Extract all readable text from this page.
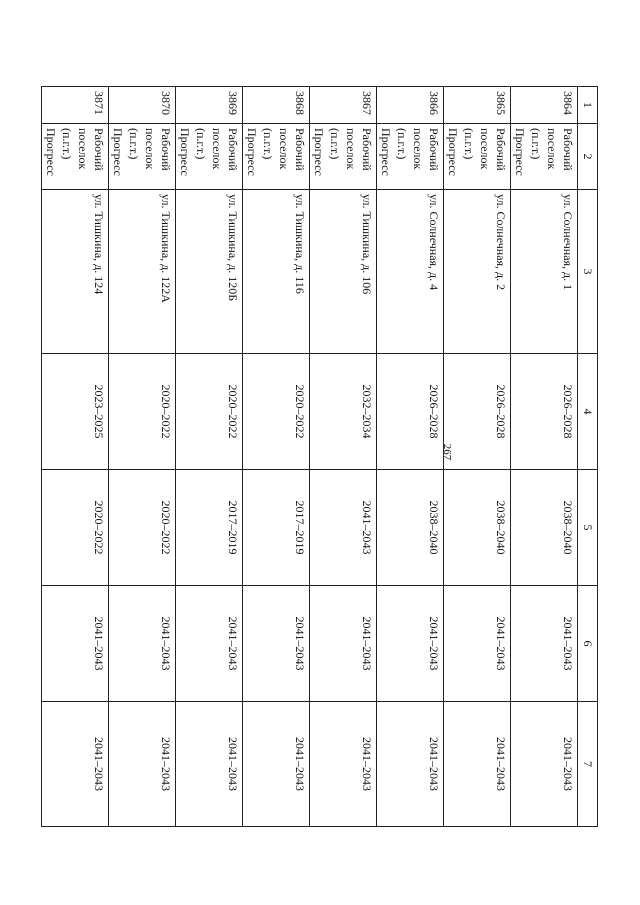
267
1	2	3	4	5	6	7
3864	Рабочий поселок (п.г.т.) Прогресс	ул. Солнечная, д. 1	2026–2028	2038–2040	2041–2043	2041–2043
3865	Рабочий поселок (п.г.т.) Прогресс	ул. Солнечная, д. 2	2026–2028	2038–2040	2041–2043	2041–2043
3866	Рабочий поселок (п.г.т.) Прогресс	ул. Солнечная, д. 4	2026–2028	2038–2040	2041–2043	2041–2043
3867	Рабочий поселок (п.г.т.) Прогресс	ул. Тишкина, д. 106	2032–2034	2041–2043	2041–2043	2041–2043
3868	Рабочий поселок (п.г.т.) Прогресс	ул. Тишкина, д. 116	2020–2022	2017–2019	2041–2043	2041–2043
3869	Рабочий поселок (п.г.т.) Прогресс	ул. Тишкина, д. 120Б	2020–2022	2017–2019	2041–2043	2041–2043
3870	Рабочий поселок (п.г.т.) Прогресс	ул. Тишкина, д. 122А	2020–2022	2020–2022	2041–2043	2041–2043
3871	Рабочий поселок (п.г.т.) Прогресс	ул. Тишкина, д. 124	2023–2025	2020–2022	2041–2043	2041–2043
